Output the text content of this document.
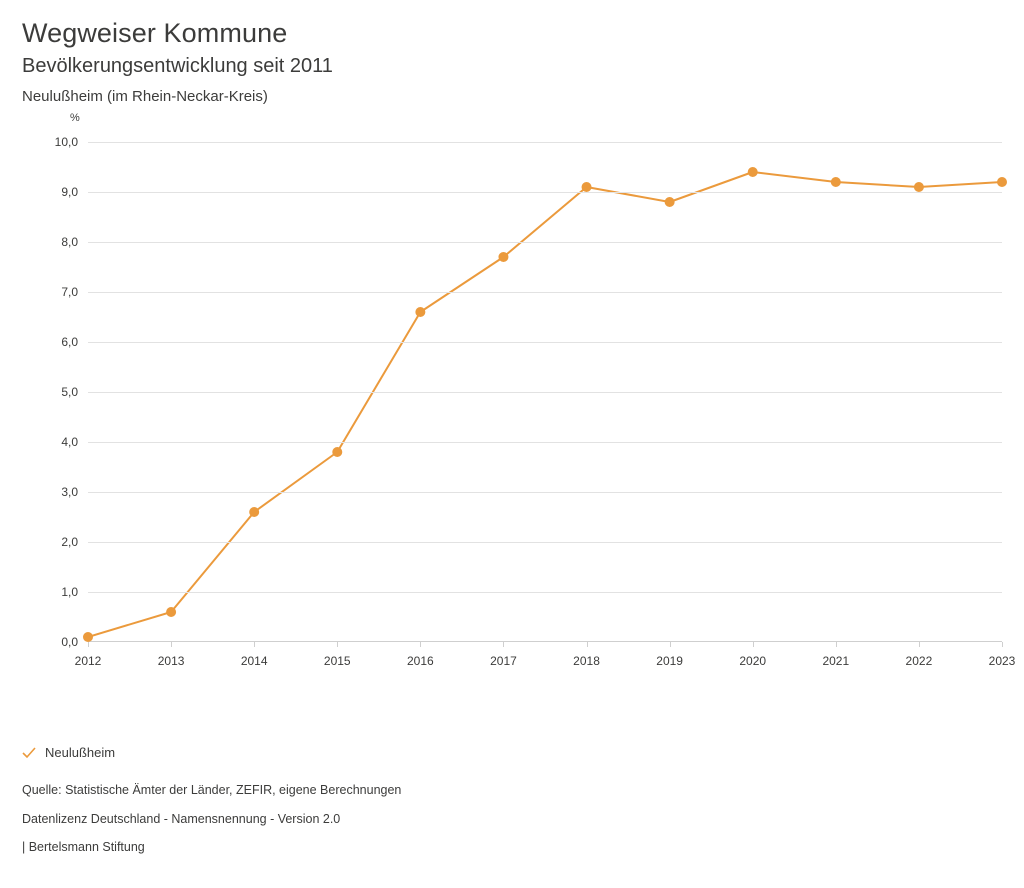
Wegweiser Kommune
Bevölkerungsentwicklung seit 2011
Neulußheim (im Rhein-Neckar-Kreis)
%
0,0
1,0
2,0
3,0
4,0
5,0
6,0
7,0
8,0
9,0
10,0
2012	2013	2014	2015	2016	2017	2018	2019	2020	2021	2022	2023
Neulußheim
Quelle: Statistische Ämter der Länder, ZEFIR, eigene Berechnungen
Datenlizenz Deutschland - Namensnennung - Version 2.0
| Bertelsmann Stiftung
